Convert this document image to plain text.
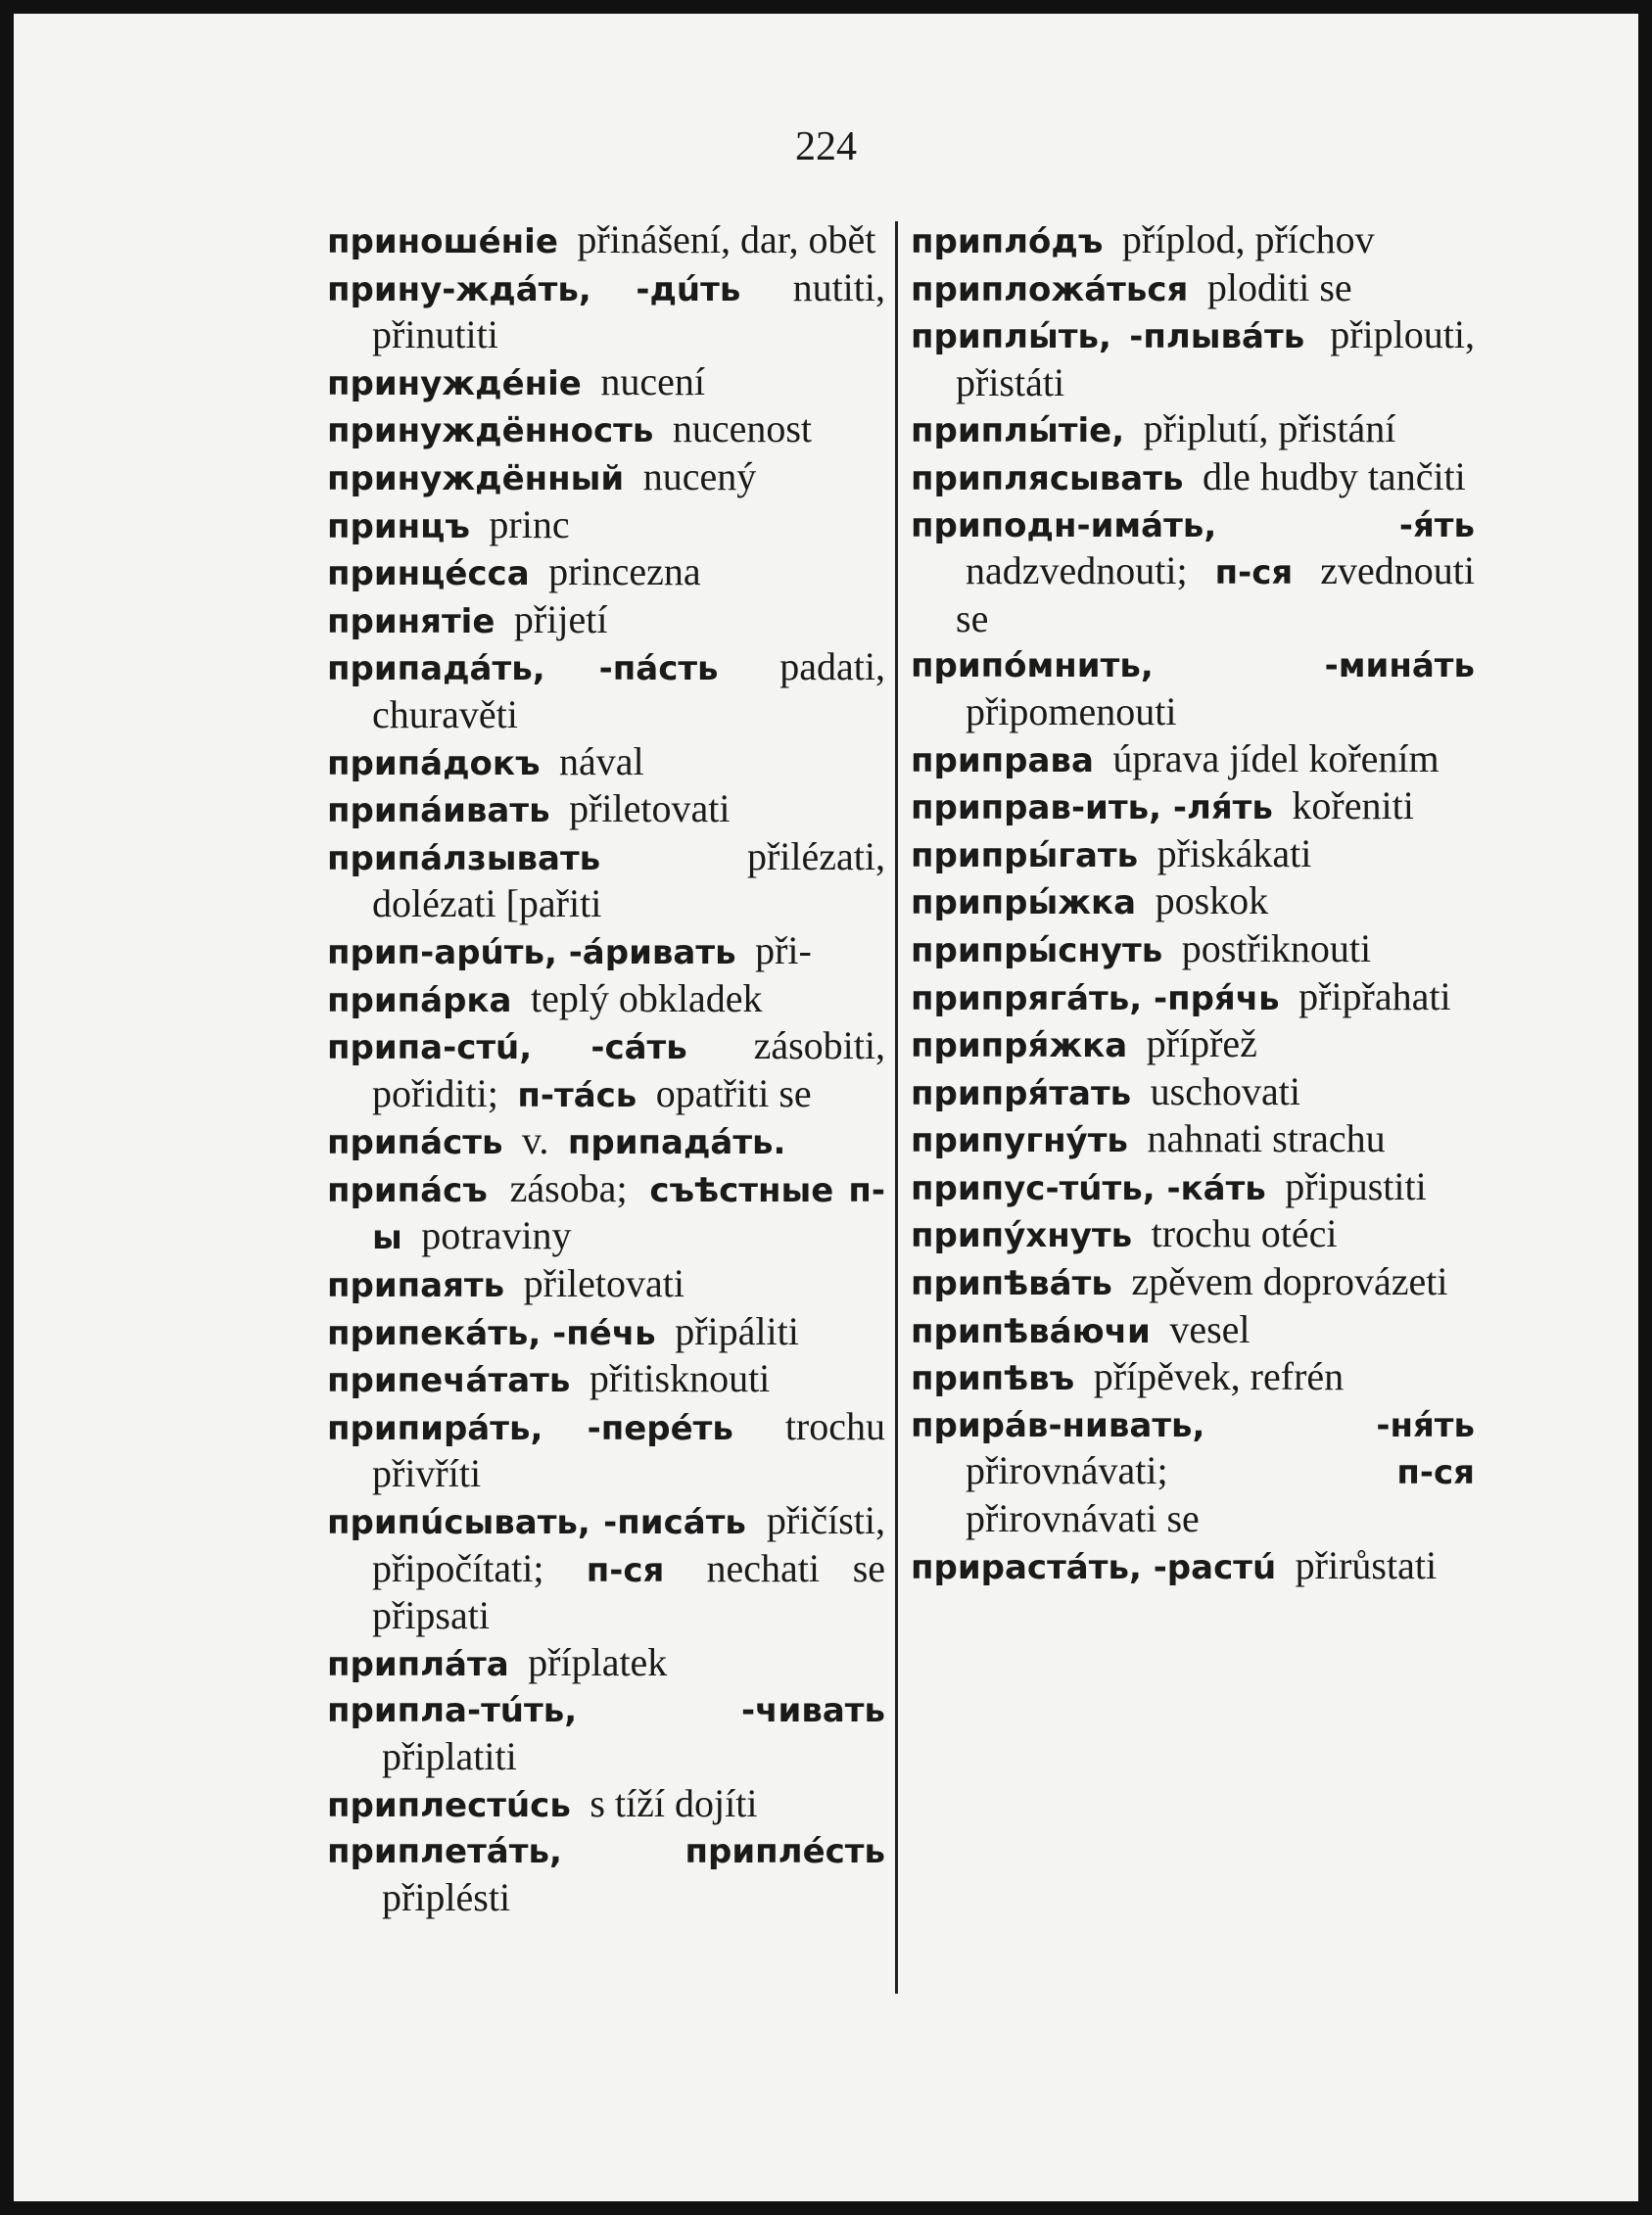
224
приношéніе přinášení, dar, obět
прину-ждáть, -дúть nutiti, přinutiti
принуждéніе nucení
принуждённость nucenost
принуждённый nucený
принцъ princ
принцécса princezna
принятіе přijetí
припадáть, -пáсть padati, churavěti
припáдокъ nával
припáивать přiletovati
припáлзывать	přilézati, dolézati [pařiti
прип-арúть, -áривать při-
припáрка teplý obkladek
припа-стú, -сáть zásobiti, pořiditi; п-тáсь opatřiti se
припáсть v. припадáть.
припáсъ zásoba; съѣстные п-ы potraviny
припаять přiletovati
припекáть, -пéчь připáliti
припечáтать přitisknouti
припирáть, -перéть trochu přivříti
припúсывать, -писáть přičísti, připočítati; п-ся nechati se připsati
приплáта příplatek
припла-тúть, -чивать připlatiti
приплестúсь s tíží dojíti
приплетáть, приплéсть připlésti
приплóдъ příplod, příchov
приплoжáться ploditi se
приплы́ть, -плывáть připlouti, přistáti
приплы́тіе, připlutí, přistání
приплясывать dle hudby tančiti
приподн-имáть, -я́ть nadzvednouti; п-ся zvednouti se
припóмнить, -минáть připomenouti
приправа úprava jídel kořením
приправ-ить, -ля́ть kořeniti
припры́гать přiskákati
припры́жка poskok
припры́снуть postřiknouti
припрягáть, -пря́чь připřahati
припря́жка přípřež
припря́тать uschovati
припугну́ть nahnati strachu
припус-тúть, -кáть připustiti
припу́хнуть trochu otéci
припѣвáть zpěvem doprovázeti
припѣвáючи vesel
припѣвъ přípěvek, refrén
прирáв-нивать, -ня́ть přirovnávati;	п-ся přirovnávati se
прирастáть, -растú přirůstati
